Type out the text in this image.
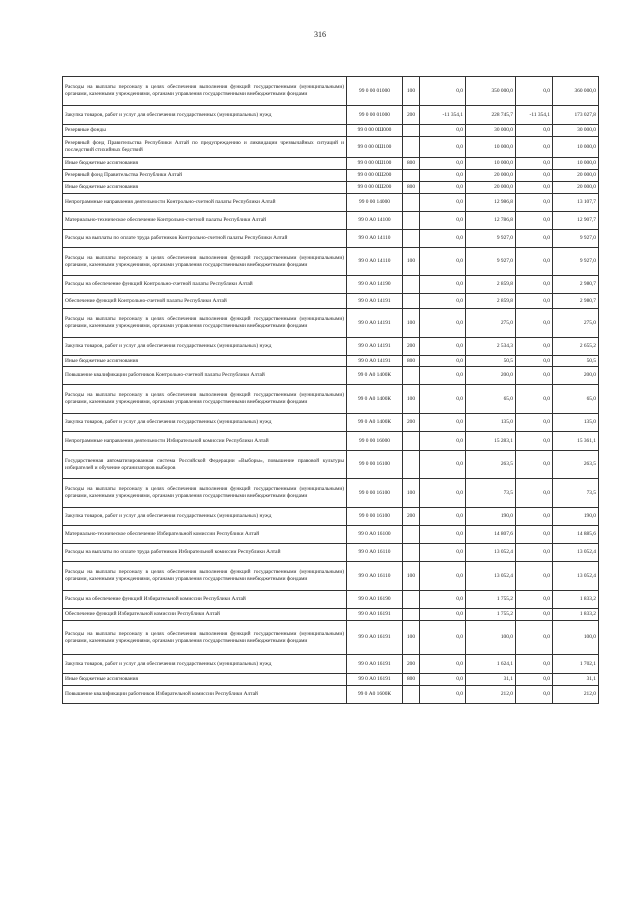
316
Расходы на выплаты персоналу в целях обеспечения выполнения функций государственными (муниципальными) органами, казенными учреждениями, органами управления государственными внебюджетными фондами	99 0 00 01000	100	0,0	350 000,0	0,0	360 000,0
Закупка товаров, работ и услуг для обеспечения государственных (муниципальных) нужд	99 0 00 01000	200	-11 354,1	228 745,7	-11 354,1	173 027,8
Резервные фонды	99 0 00 0Ш000		0,0	30 000,0	0,0	30 000,0
Резервный фонд Правительства Республики Алтай по предупреждению и ликвидации чрезвычайных ситуаций и последствий стихийных бедствий	99 0 00 0Ш100		0,0	10 000,0	0,0	10 000,0
Иные бюджетные ассигнования	99 0 00 0Ш100	800	0,0	10 000,0	0,0	10 000,0
Резервный фонд Правительства Республики Алтай	99 0 00 0Ш200		0,0	20 000,0	0,0	20 000,0
Иные бюджетные ассигнования	99 0 00 0Ш200	800	0,0	20 000,0	0,0	20 000,0
Непрограммные направления деятельности Контрольно-счетной палаты Республики Алтай	99 0 00 14000		0,0	12 986,8	0,0	13 107,7
Материально-техническое обеспечение Контрольно-счетной палаты Республики Алтай	99 0 А0 14100		0,0	12 786,8	0,0	12 907,7
Расходы на выплаты по оплате труда работников Контрольно-счетной палаты Республики Алтай	99 0 А0 14110		0,0	9 927,0	0,0	9 927,0
Расходы на выплаты персоналу в целях обеспечения выполнения функций государственными (муниципальными) органами, казенными учреждениями, органами управления государственными внебюджетными фондами	99 0 А0 14110	100	0,0	9 927,0	0,0	9 927,0
Расходы на обеспечение функций Контрольно-счетной палаты Республики Алтай	99 0 А0 14190		0,0	2 859,8	0,0	2 980,7
Обеспечение функций Контрольно-счетной палаты Республики Алтай	99 0 А0 14191		0,0	2 859,8	0,0	2 980,7
Расходы на выплаты персоналу в целях обеспечения выполнения функций государственными (муниципальными) органами, казенными учреждениями, органами управления государственными внебюджетными фондами	99 0 А0 14191	100	0,0	275,0	0,0	275,0
Закупка товаров, работ и услуг для обеспечения государственных (муниципальных) нужд	99 0 А0 14191	200	0,0	2 534,3	0,0	2 655,2
Иные бюджетные ассигнования	99 0 А0 14191	800	0,0	50,5	0,0	50,5
Повышение квалификации работников Контрольно-счетной палаты Республики Алтай	99 0 А0 1400К		0,0	200,0	0,0	200,0
Расходы на выплаты персоналу в целях обеспечения выполнения функций государственными (муниципальными) органами, казенными учреждениями, органами управления государственными внебюджетными фондами	99 0 А0 1400К	100	0,0	65,0	0,0	65,0
Закупка товаров, работ и услуг для обеспечения государственных (муниципальных) нужд	99 0 А0 1400К	200	0,0	135,0	0,0	135,0
Непрограммные направления деятельности Избирательной комиссии Республики Алтай	99 0 00 16000		0,0	15 283,1	0,0	15 361,1
Государственная автоматизированная система Российской Федерации «Выборы», повышение правовой культуры избирателей и обучение организаторов выборов	99 0 00 16100		0,0	263,5	0,0	263,5
Расходы на выплаты персоналу в целях обеспечения выполнения функций государственными (муниципальными) органами, казенными учреждениями, органами управления государственными внебюджетными фондами	99 0 00 16100	100	0,0	73,5	0,0	73,5
Закупка товаров, работ и услуг для обеспечения государственных (муниципальных) нужд	99 0 00 16100	200	0,0	190,0	0,0	190,0
Материально-техническое обеспечение Избирательной комиссии Республики Алтай	99 0 А0 16100		0,0	14 807,6	0,0	14 885,6
Расходы на выплаты по оплате труда работников Избирательной комиссии Республики Алтай	99 0 А0 16110		0,0	13 052,4	0,0	13 052,4
Расходы на выплаты персоналу в целях обеспечения выполнения функций государственными (муниципальными) органами, казенными учреждениями, органами управления государственными внебюджетными фондами	99 0 А0 16110	100	0,0	13 052,4	0,0	13 052,4
Расходы на обеспечение функций Избирательной комиссии Республики Алтай	99 0 А0 16190		0,0	1 755,2	0,0	1 833,2
Обеспечение функций Избирательной комиссии Республики Алтай	99 0 А0 16191		0,0	1 755,2	0,0	1 833,2
Расходы на выплаты персоналу в целях обеспечения выполнения функций государственными (муниципальными) органами, казенными учреждениями, органами управления государственными внебюджетными фондами	99 0 А0 16191	100	0,0	100,0	0,0	100,0
Закупка товаров, работ и услуг для обеспечения государственных (муниципальных) нужд	99 0 А0 16191	200	0,0	1 624,1	0,0	1 702,1
Иные бюджетные ассигнования	99 0 А0 16191	800	0,0	31,1	0,0	31,1
Повышение квалификации работников Избирательной комиссии Республики Алтай	99 0 А0 1600К		0,0	212,0	0,0	212,0
